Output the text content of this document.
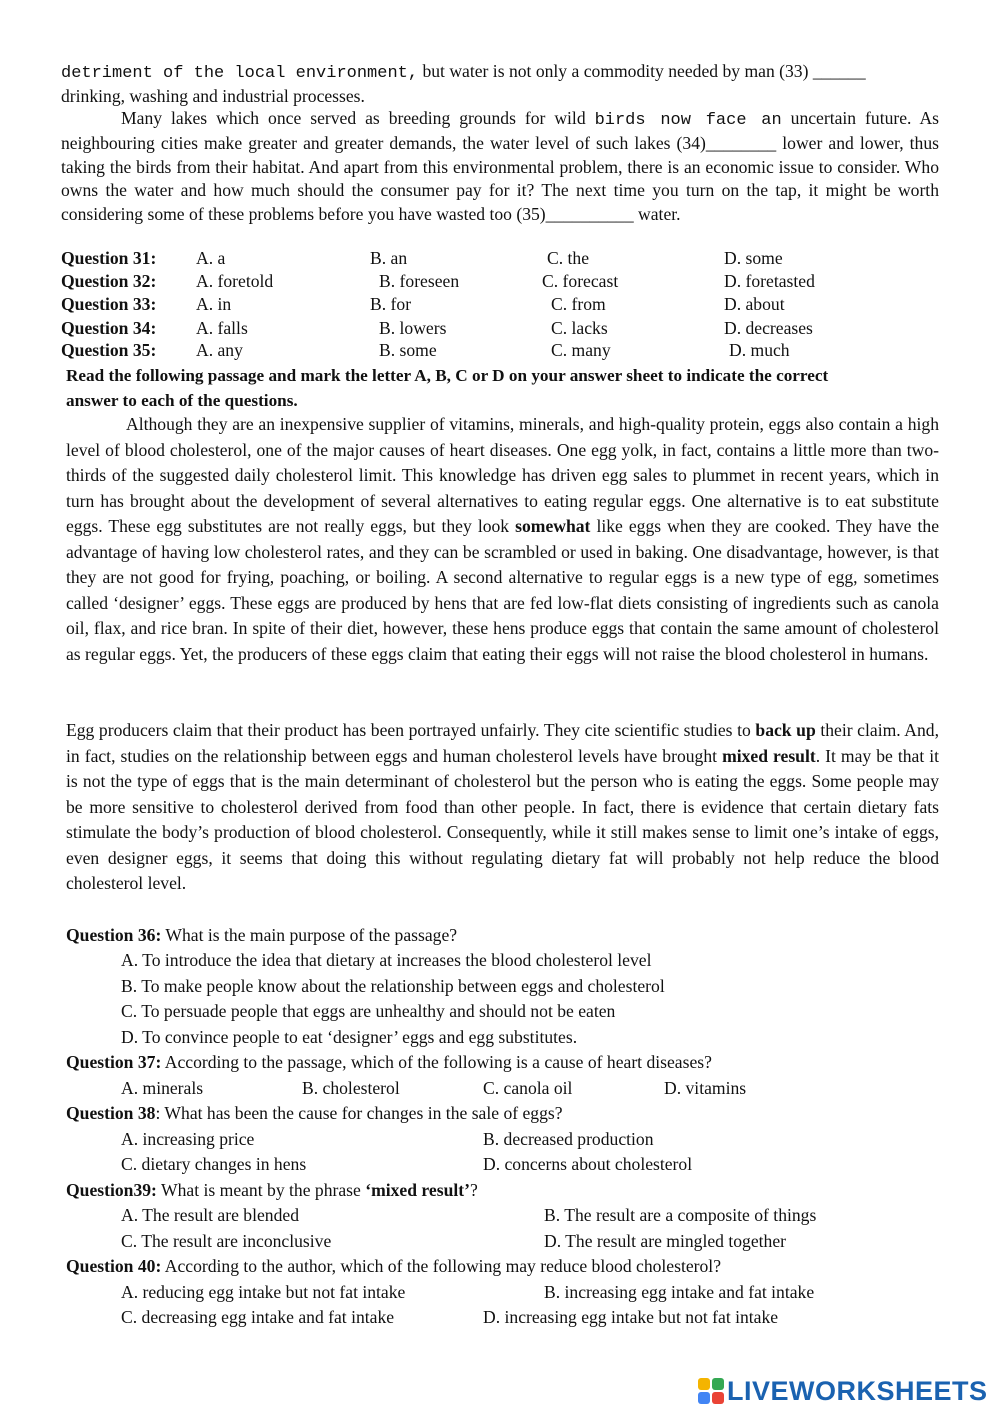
detriment of the local environment, but water is not only a commodity needed by man (33) ______

drinking, washing and industrial processes.

Many lakes which once served as breeding grounds for wild birds now face an uncertain future. As neighbouring cities make greater and greater demands, the water level of such lakes (34)________ lower and lower, thus taking the birds from their habitat. And apart from this environmental problem, there is an economic issue to consider. Who owns the water and how much should the consumer pay for it? The next time you turn on the tap, it might be worth considering some of these problems before you have wasted too (35)__________ water.

Question 31: A. a	B. an	C. the	D. some
Question 32: A. foretold	B. foreseen	C. forecast	D. foretasted
Question 33: A. in	B. for	C. from	D. about
Question 34: A. falls	B. lowers	C. lacks	D. decreases
Question 35: A. any	B. some	C. many	D. much

Read the following passage and mark the letter A, B, C or D on your answer sheet to indicate the correct

answer to each of the questions.

Although they are an inexpensive supplier of vitamins, minerals, and high-quality protein, eggs also contain a high level of blood cholesterol, one of the major causes of heart diseases. One egg yolk, in fact, contains a little more than two-thirds of the suggested daily cholesterol limit. This knowledge has driven egg sales to plummet in recent years, which in turn has brought about the development of several alternatives to eating regular eggs. One alternative is to eat substitute eggs. These egg substitutes are not really eggs, but they look somewhat like eggs when they are cooked. They have the advantage of having low cholesterol rates, and they can be scrambled or used in baking. One disadvantage, however, is that they are not good for frying, poaching, or boiling. A second alternative to regular eggs is a new type of egg, sometimes called ‘designer’ eggs. These eggs are produced by hens that are fed low-flat diets consisting of ingredients such as canola oil, flax, and rice bran. In spite of their diet, however, these hens produce eggs that contain the same amount of cholesterol as regular eggs. Yet, the producers of these eggs claim that eating their eggs will not raise the blood cholesterol in humans.

Egg producers claim that their product has been portrayed unfairly. They cite scientific studies to back up their claim. And, in fact, studies on the relationship between eggs and human cholesterol levels have brought mixed result. It may be that it is not the type of eggs that is the main determinant of cholesterol but the person who is eating the eggs. Some people may be more sensitive to cholesterol derived from food than other people. In fact, there is evidence that certain dietary fats stimulate the body’s production of blood cholesterol. Consequently, while it still makes sense to limit one’s intake of eggs, even designer eggs, it seems that doing this without regulating dietary fat will probably not help reduce the blood cholesterol level.

Question 36: What is the main purpose of the passage?
A. To introduce the idea that dietary at increases the blood cholesterol level
B. To make people know about the relationship between eggs and cholesterol
C. To persuade people that eggs are unhealthy and should not be eaten
D. To convince people to eat ‘designer’ eggs and egg substitutes.
Question 37: According to the passage, which of the following is a cause of heart diseases?
A. minerals	B. cholesterol	C. canola oil	D. vitamins
Question 38: What has been the cause for changes in the sale of eggs?
A. increasing price	B. decreased production
C. dietary changes in hens	D. concerns about cholesterol
Question39: What is meant by the phrase ‘mixed result’?
A. The result are blended	B. The result are a composite of things
C. The result are inconclusive	D. The result are mingled together
Question 40: According to the author, which of the following may reduce blood cholesterol?
A. reducing egg intake but not fat intake	B. increasing egg intake and fat intake
C. decreasing egg intake and fat intake	D. increasing egg intake but not fat intake
LIVEWORKSHEETS
